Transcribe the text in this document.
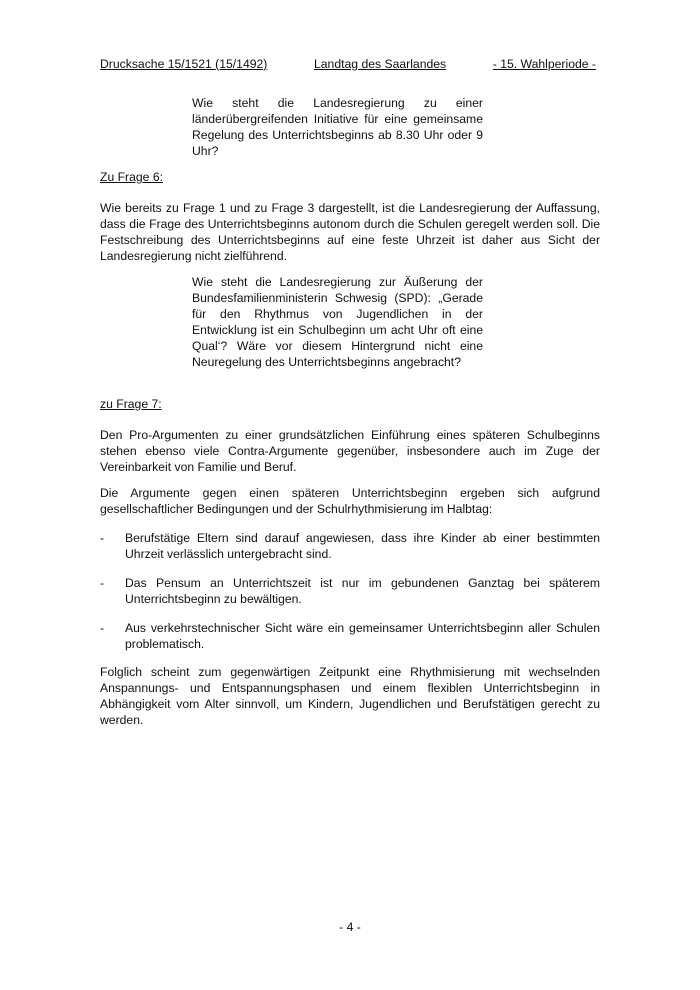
Drucksache 15/1521 (15/1492)	Landtag des Saarlandes	- 15. Wahlperiode -
Wie steht die Landesregierung zu einer länderübergreifenden Initiative für eine gemeinsame Regelung des Unterrichtsbeginns ab 8.30 Uhr oder 9 Uhr?
Zu Frage 6:
Wie bereits zu Frage 1 und zu Frage 3 dargestellt, ist die Landesregierung der Auffassung, dass die Frage des Unterrichtsbeginns autonom durch die Schulen geregelt werden soll. Die Festschreibung des Unterrichtsbeginns auf eine feste Uhrzeit ist daher aus Sicht der Landesregierung nicht zielführend.
Wie steht die Landesregierung zur Äußerung der Bundesfamilienministerin Schwesig (SPD): „Gerade für den Rhythmus von Jugendlichen in der Entwicklung ist ein Schulbeginn um acht Uhr oft eine Qual‘? Wäre vor diesem Hintergrund nicht eine Neuregelung des Unterrichtsbeginns angebracht?
zu Frage 7:
Den Pro-Argumenten zu einer grundsätzlichen Einführung eines späteren Schulbeginns stehen ebenso viele Contra-Argumente gegenüber, insbesondere auch im Zuge der Vereinbarkeit von Familie und Beruf.
Die Argumente gegen einen späteren Unterrichtsbeginn ergeben sich aufgrund gesellschaftlicher Bedingungen und der Schulrhythmisierung im Halbtag:
-	Berufstätige Eltern sind darauf angewiesen, dass ihre Kinder ab einer bestimmten Uhrzeit verlässlich untergebracht sind.
-	Das Pensum an Unterrichtszeit ist nur im gebundenen Ganztag bei späterem Unterrichtsbeginn zu bewältigen.
-	Aus verkehrstechnischer Sicht wäre ein gemeinsamer Unterrichtsbeginn aller Schulen problematisch.
Folglich scheint zum gegenwärtigen Zeitpunkt eine Rhythmisierung mit wechselnden Anspannungs- und Entspannungsphasen und einem flexiblen Unterrichtsbeginn in Abhängigkeit vom Alter sinnvoll, um Kindern, Jugendlichen und Berufstätigen gerecht zu werden.
- 4 -
